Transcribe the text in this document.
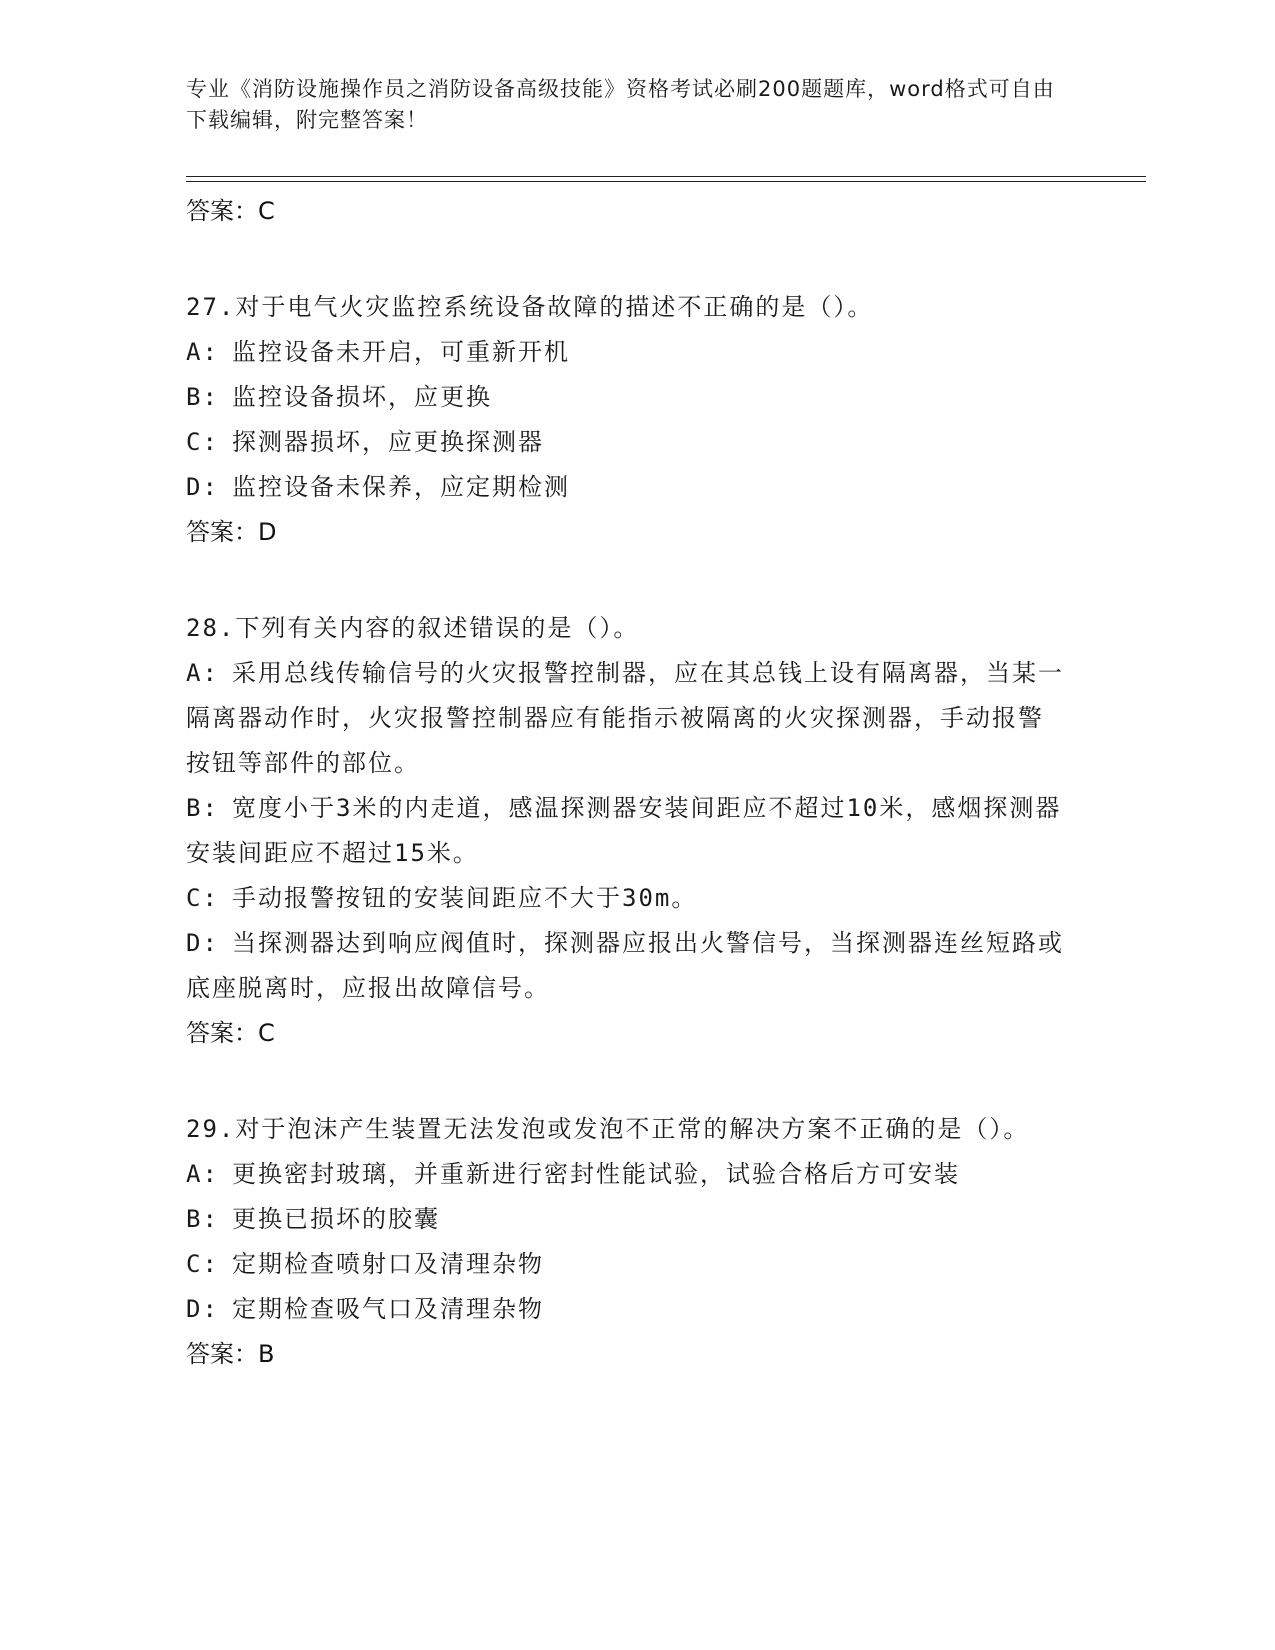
专业《消防设施操作员之消防设备高级技能》资格考试必刷200题题库，word格式可自由下载编辑，附完整答案！
答案：C
27.对于电气火灾监控系统设备故障的描述不正确的是（）。
A: 监控设备未开启，可重新开机
B: 监控设备损坏，应更换
C: 探测器损坏，应更换探测器
D: 监控设备未保养，应定期检测
答案：D
28.下列有关内容的叙述错误的是（）。
A: 采用总线传输信号的火灾报警控制器，应在其总钱上设有隔离器，当某一隔离器动作时，火灾报警控制器应有能指示被隔离的火灾探测器，手动报警按钮等部件的部位。
B: 宽度小于3米的内走道，感温探测器安装间距应不超过10米，感烟探测器安装间距应不超过15米。
C: 手动报警按钮的安装间距应不大于30m。
D: 当探测器达到响应阀值时，探测器应报出火警信号，当探测器连丝短路或底座脱离时，应报出故障信号。
答案：C
29.对于泡沫产生装置无法发泡或发泡不正常的解决方案不正确的是（）。
A: 更换密封玻璃，并重新进行密封性能试验，试验合格后方可安装
B: 更换已损坏的胶囊
C: 定期检查喷射口及清理杂物
D: 定期检查吸气口及清理杂物
答案：B
